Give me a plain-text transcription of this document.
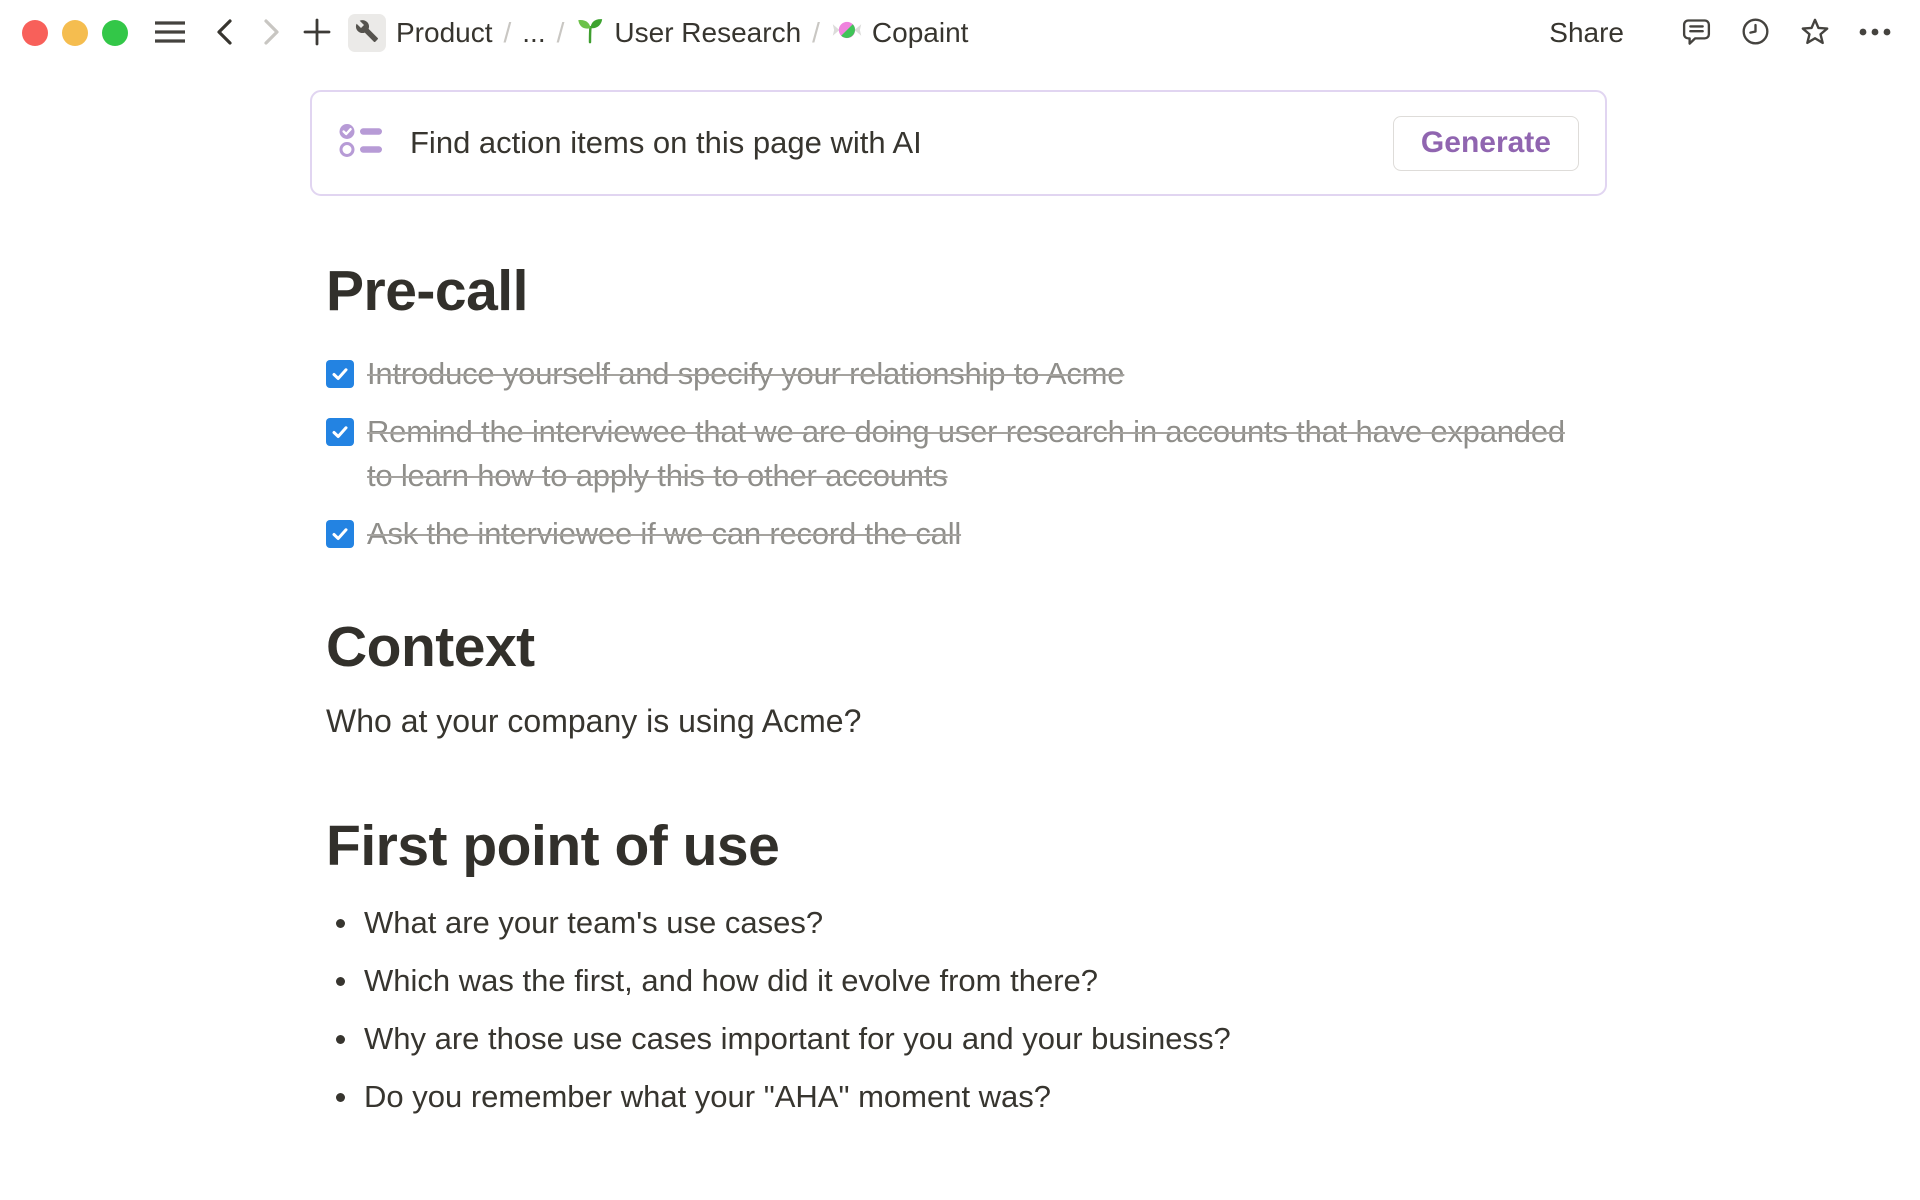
Product / ... / User Research / Copaint	Share
Find action items on this page with AI	Generate
Pre-call
Introduce yourself and specify your relationship to Acme
Remind the interviewee that we are doing user research in accounts that have expanded to learn how to apply this to other accounts
Ask the interviewee if we can record the call
Context

Who at your company is using Acme?

First point of use
What are your team's use cases?
Which was the first, and how did it evolve from there?
Why are those use cases important for you and your business?
Do you remember what your "AHA" moment was?
